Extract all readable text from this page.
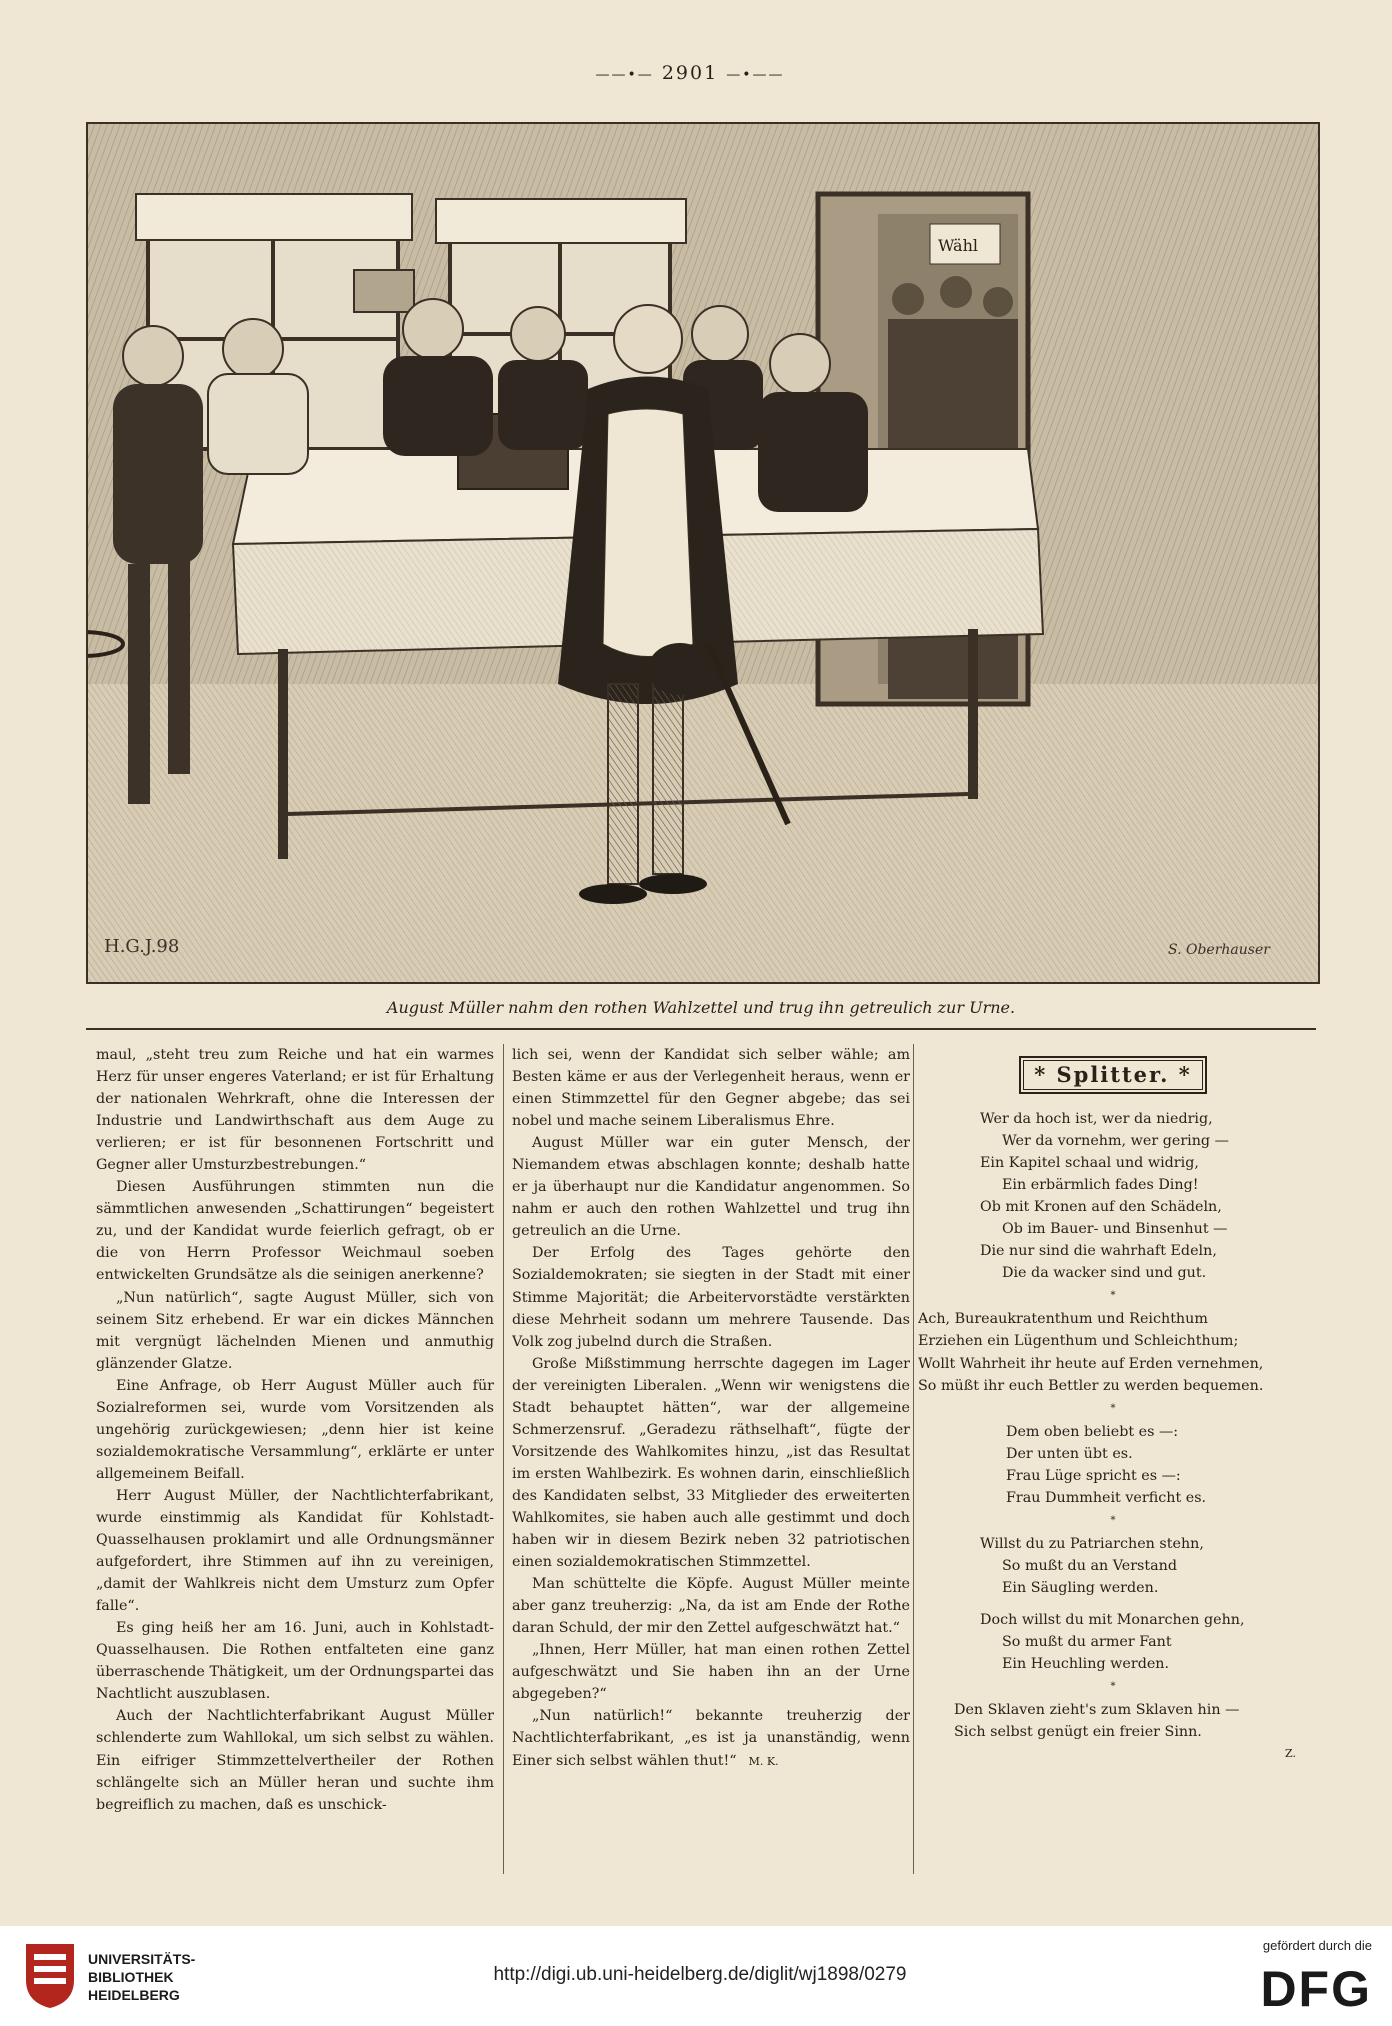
——•— 2901 —•——
Wähl
H.G.J.98	S. Oberhauser
August Müller nahm den rothen Wahlzettel und trug ihn getreulich zur Urne.

maul, „steht treu zum Reiche und hat ein warmes Herz für unser engeres Vaterland; er ist für Erhaltung der nationalen Wehrkraft, ohne die Interessen der Industrie und Landwirthschaft aus dem Auge zu verlieren; er ist für besonnenen Fortschritt und Gegner aller Umsturzbestrebungen.“

Diesen Ausführungen stimmten nun die sämmtlichen anwesenden „Schattirungen“ begeistert zu, und der Kandidat wurde feierlich gefragt, ob er die von Herrn Professor Weichmaul soeben entwickelten Grundsätze als die seinigen anerkenne?

„Nun natürlich“, sagte August Müller, sich von seinem Sitz erhebend. Er war ein dickes Männchen mit vergnügt lächelnden Mienen und anmuthig glänzender Glatze.

Eine Anfrage, ob Herr August Müller auch für Sozialreformen sei, wurde vom Vorsitzenden als ungehörig zurückgewiesen; „denn hier ist keine sozialdemokratische Versammlung“, erklärte er unter allgemeinem Beifall.

Herr August Müller, der Nachtlichterfabrikant, wurde einstimmig als Kandidat für Kohlstadt-Quasselhausen proklamirt und alle Ordnungsmänner aufgefordert, ihre Stimmen auf ihn zu vereinigen, „damit der Wahlkreis nicht dem Umsturz zum Opfer falle“.

Es ging heiß her am 16. Juni, auch in Kohlstadt-Quasselhausen. Die Rothen entfalteten eine ganz überraschende Thätigkeit, um der Ordnungspartei das Nachtlicht auszublasen.

Auch der Nachtlichterfabrikant August Müller schlenderte zum Wahllokal, um sich selbst zu wählen. Ein eifriger Stimmzettelvertheiler der Rothen schlängelte sich an Müller heran und suchte ihm begreiflich zu machen, daß es unschick-

lich sei, wenn der Kandidat sich selber wähle; am Besten käme er aus der Verlegenheit heraus, wenn er einen Stimmzettel für den Gegner abgebe; das sei nobel und mache seinem Liberalismus Ehre.

August Müller war ein guter Mensch, der Niemandem etwas abschlagen konnte; deshalb hatte er ja überhaupt nur die Kandidatur angenommen. So nahm er auch den rothen Wahlzettel und trug ihn getreulich an die Urne.

Der Erfolg des Tages gehörte den Sozialdemokraten; sie siegten in der Stadt mit einer Stimme Majorität; die Arbeitervorstädte verstärkten diese Mehrheit sodann um mehrere Tausende. Das Volk zog jubelnd durch die Straßen.

Große Mißstimmung herrschte dagegen im Lager der vereinigten Liberalen. „Wenn wir wenigstens die Stadt behauptet hätten“, war der allgemeine Schmerzensruf. „Geradezu räthselhaft“, fügte der Vorsitzende des Wahlkomites hinzu, „ist das Resultat im ersten Wahlbezirk. Es wohnen darin, einschließlich des Kandidaten selbst, 33 Mitglieder des erweiterten Wahlkomites, sie haben auch alle gestimmt und doch haben wir in diesem Bezirk neben 32 patriotischen einen sozialdemokratischen Stimmzettel.

Man schüttelte die Köpfe. August Müller meinte aber ganz treuherzig: „Na, da ist am Ende der Rothe daran Schuld, der mir den Zettel aufgeschwätzt hat.“

„Ihnen, Herr Müller, hat man einen rothen Zettel aufgeschwätzt und Sie haben ihn an der Urne abgegeben?“

„Nun natürlich!“ bekannte treuherzig der Nachtlichterfabrikant, „es ist ja unanständig, wenn Einer sich selbst wählen thut!“ M. K.

* Splitter. *
Wer da hoch ist, wer da niedrig,
Wer da vornehm, wer gering —
Ein Kapitel schaal und widrig,
Ein erbärmlich fades Ding!
Ob mit Kronen auf den Schädeln,
Ob im Bauer- und Binsenhut —
Die nur sind die wahrhaft Edeln,
Die da wacker sind und gut.
*
Ach, Bureaukratenthum und Reichthum
Erziehen ein Lügenthum und Schleichthum;
Wollt Wahrheit ihr heute auf Erden vernehmen,
So müßt ihr euch Bettler zu werden bequemen.
*
Dem oben beliebt es —:
Der unten übt es.
Frau Lüge spricht es —:
Frau Dummheit verficht es.
*
Willst du zu Patriarchen stehn,
So mußt du an Verstand
Ein Säugling werden.
Doch willst du mit Monarchen gehn,
So mußt du armer Fant
Ein Heuchling werden.
*
Den Sklaven zieht's zum Sklaven hin —
Sich selbst genügt ein freier Sinn.
Z.
UNIVERSITÄTS-
BIBLIOTHEK
HEIDELBERG
http://digi.ub.uni-heidelberg.de/diglit/wj1898/0279
gefördert durch die
DFG
